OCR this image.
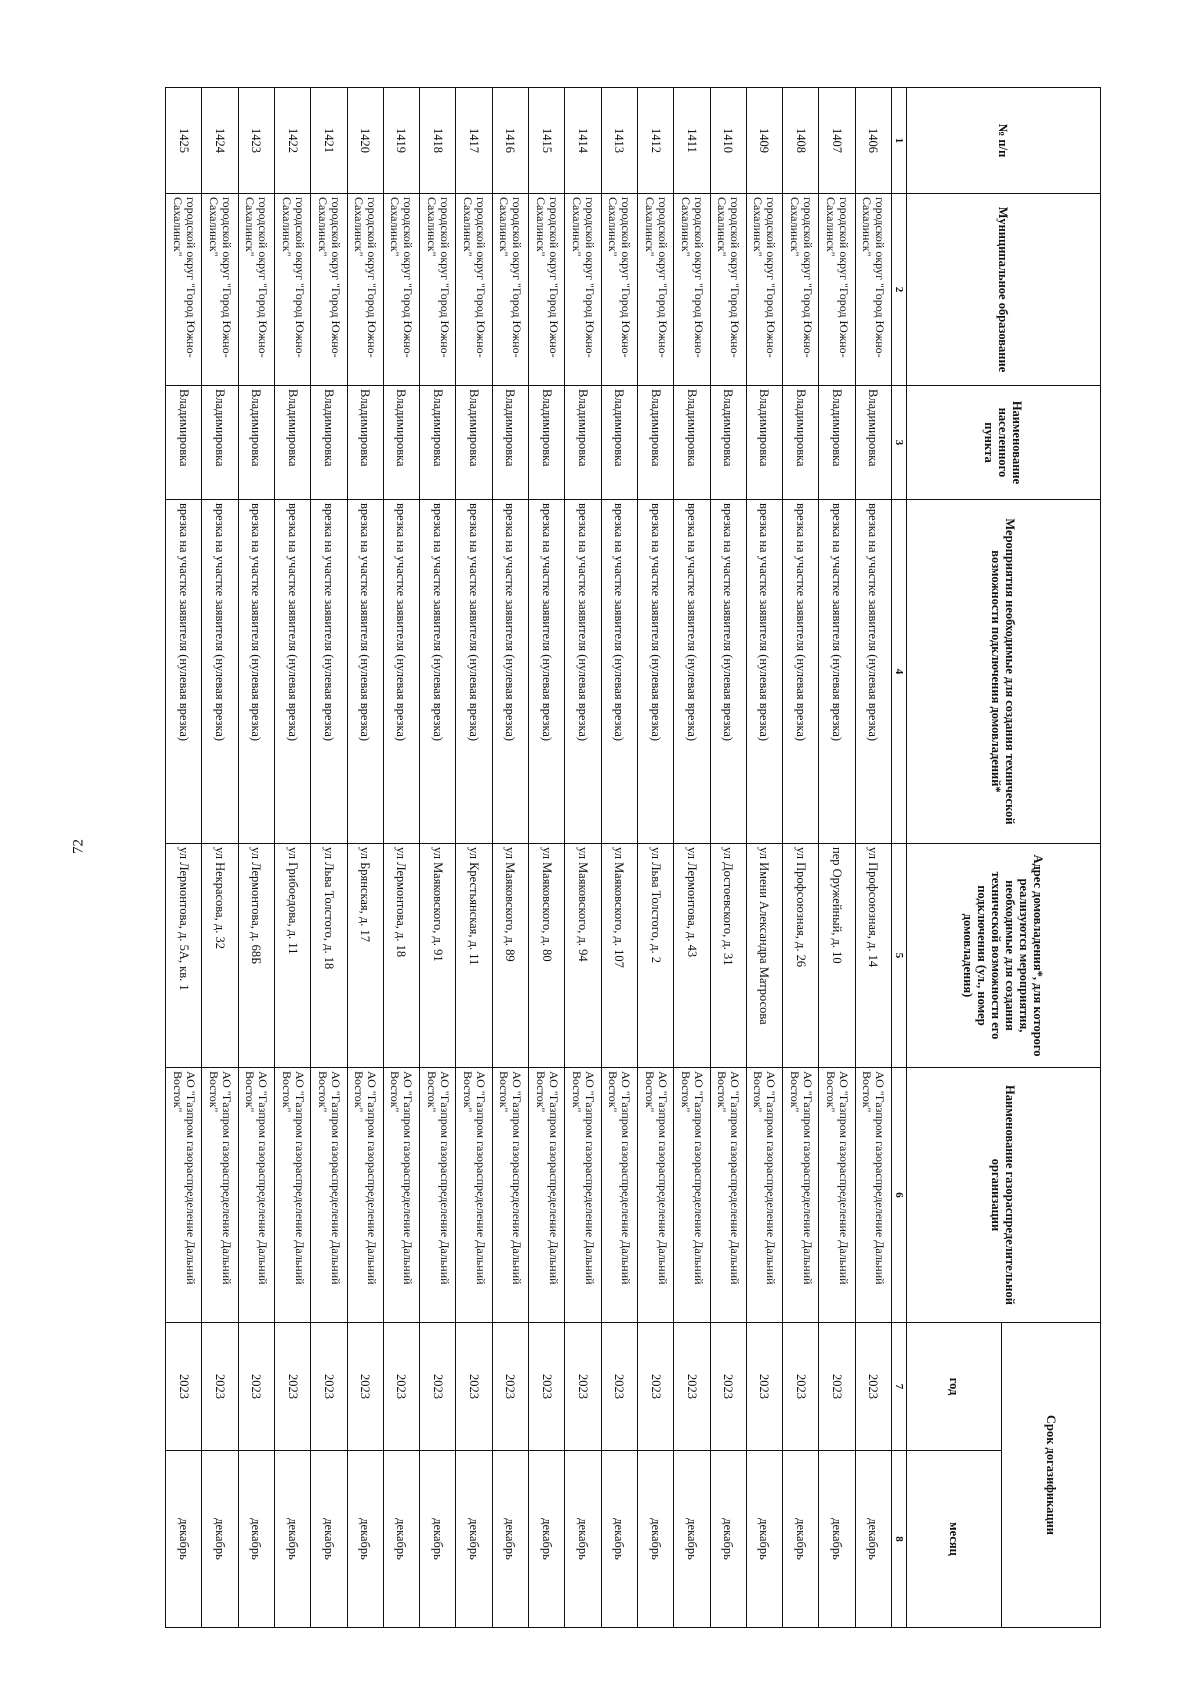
72
№ п/п	Муниципальное образование	Наименование населенного пункта	Мероприятия необходимые для создания технической возможности подключения домовладений*	Адрес домовладения*, для которого реализуются мероприятия, необходимые для создания технической возможности его подключения (ул., номер домовладения)	Наименование газораспределительной организации	Срок догазификации	
						год	месяц
1	2	3	4	5	6	7	8
1406	городской округ "Город Южно-Сахалинск"	Владимировка	врезка на участке заявителя (нулевая врезка)	ул Профсоюзная, д. 14	АО "Газпром газораспределение Дальний Восток"	2023	декабрь
1407	городской округ "Город Южно-Сахалинск"	Владимировка	врезка на участке заявителя (нулевая врезка)	пер Оружейный, д. 10	АО "Газпром газораспределение Дальний Восток"	2023	декабрь
1408	городской округ "Город Южно-Сахалинск"	Владимировка	врезка на участке заявителя (нулевая врезка)	ул Профсоюзная, д. 26	АО "Газпром газораспределение Дальний Восток"	2023	декабрь
1409	городской округ "Город Южно-Сахалинск"	Владимировка	врезка на участке заявителя (нулевая врезка)	ул Имени Александра Матросова	АО "Газпром газораспределение Дальний Восток"	2023	декабрь
1410	городской округ "Город Южно-Сахалинск"	Владимировка	врезка на участке заявителя (нулевая врезка)	ул Достоевского, д. 31	АО "Газпром газораспределение Дальний Восток"	2023	декабрь
1411	городской округ "Город Южно-Сахалинск"	Владимировка	врезка на участке заявителя (нулевая врезка)	ул Лермонтова, д. 43	АО "Газпром газораспределение Дальний Восток"	2023	декабрь
1412	городской округ "Город Южно-Сахалинск"	Владимировка	врезка на участке заявителя (нулевая врезка)	ул Льва Толстого, д. 2	АО "Газпром газораспределение Дальний Восток"	2023	декабрь
1413	городской округ "Город Южно-Сахалинск"	Владимировка	врезка на участке заявителя (нулевая врезка)	ул Маяковского, д. 107	АО "Газпром газораспределение Дальний Восток"	2023	декабрь
1414	городской округ "Город Южно-Сахалинск"	Владимировка	врезка на участке заявителя (нулевая врезка)	ул Маяковского, д. 94	АО "Газпром газораспределение Дальний Восток"	2023	декабрь
1415	городской округ "Город Южно-Сахалинск"	Владимировка	врезка на участке заявителя (нулевая врезка)	ул Маяковского, д. 80	АО "Газпром газораспределение Дальний Восток"	2023	декабрь
1416	городской округ "Город Южно-Сахалинск"	Владимировка	врезка на участке заявителя (нулевая врезка)	ул Маяковского, д. 89	АО "Газпром газораспределение Дальний Восток"	2023	декабрь
1417	городской округ "Город Южно-Сахалинск"	Владимировка	врезка на участке заявителя (нулевая врезка)	ул Крестьянская, д. 11	АО "Газпром газораспределение Дальний Восток"	2023	декабрь
1418	городской округ "Город Южно-Сахалинск"	Владимировка	врезка на участке заявителя (нулевая врезка)	ул Маяковского, д. 91	АО "Газпром газораспределение Дальний Восток"	2023	декабрь
1419	городской округ "Город Южно-Сахалинск"	Владимировка	врезка на участке заявителя (нулевая врезка)	ул Лермонтова, д. 18	АО "Газпром газораспределение Дальний Восток"	2023	декабрь
1420	городской округ "Город Южно-Сахалинск"	Владимировка	врезка на участке заявителя (нулевая врезка)	ул Брянская, д. 17	АО "Газпром газораспределение Дальний Восток"	2023	декабрь
1421	городской округ "Город Южно-Сахалинск"	Владимировка	врезка на участке заявителя (нулевая врезка)	ул Льва Толстого, д. 18	АО "Газпром газораспределение Дальний Восток"	2023	декабрь
1422	городской округ "Город Южно-Сахалинск"	Владимировка	врезка на участке заявителя (нулевая врезка)	ул Грибоедова, д. 11	АО "Газпром газораспределение Дальний Восток"	2023	декабрь
1423	городской округ "Город Южно-Сахалинск"	Владимировка	врезка на участке заявителя (нулевая врезка)	ул Лермонтова, д. 68Б	АО "Газпром газораспределение Дальний Восток"	2023	декабрь
1424	городской округ "Город Южно-Сахалинск"	Владимировка	врезка на участке заявителя (нулевая врезка)	ул Некрасова, д. 32	АО "Газпром газораспределение Дальний Восток"	2023	декабрь
1425	городской округ "Город Южно-Сахалинск"	Владимировка	врезка на участке заявителя (нулевая врезка)	ул Лермонтова, д. 5А, кв. 1	АО "Газпром газораспределение Дальний Восток"	2023	декабрь
